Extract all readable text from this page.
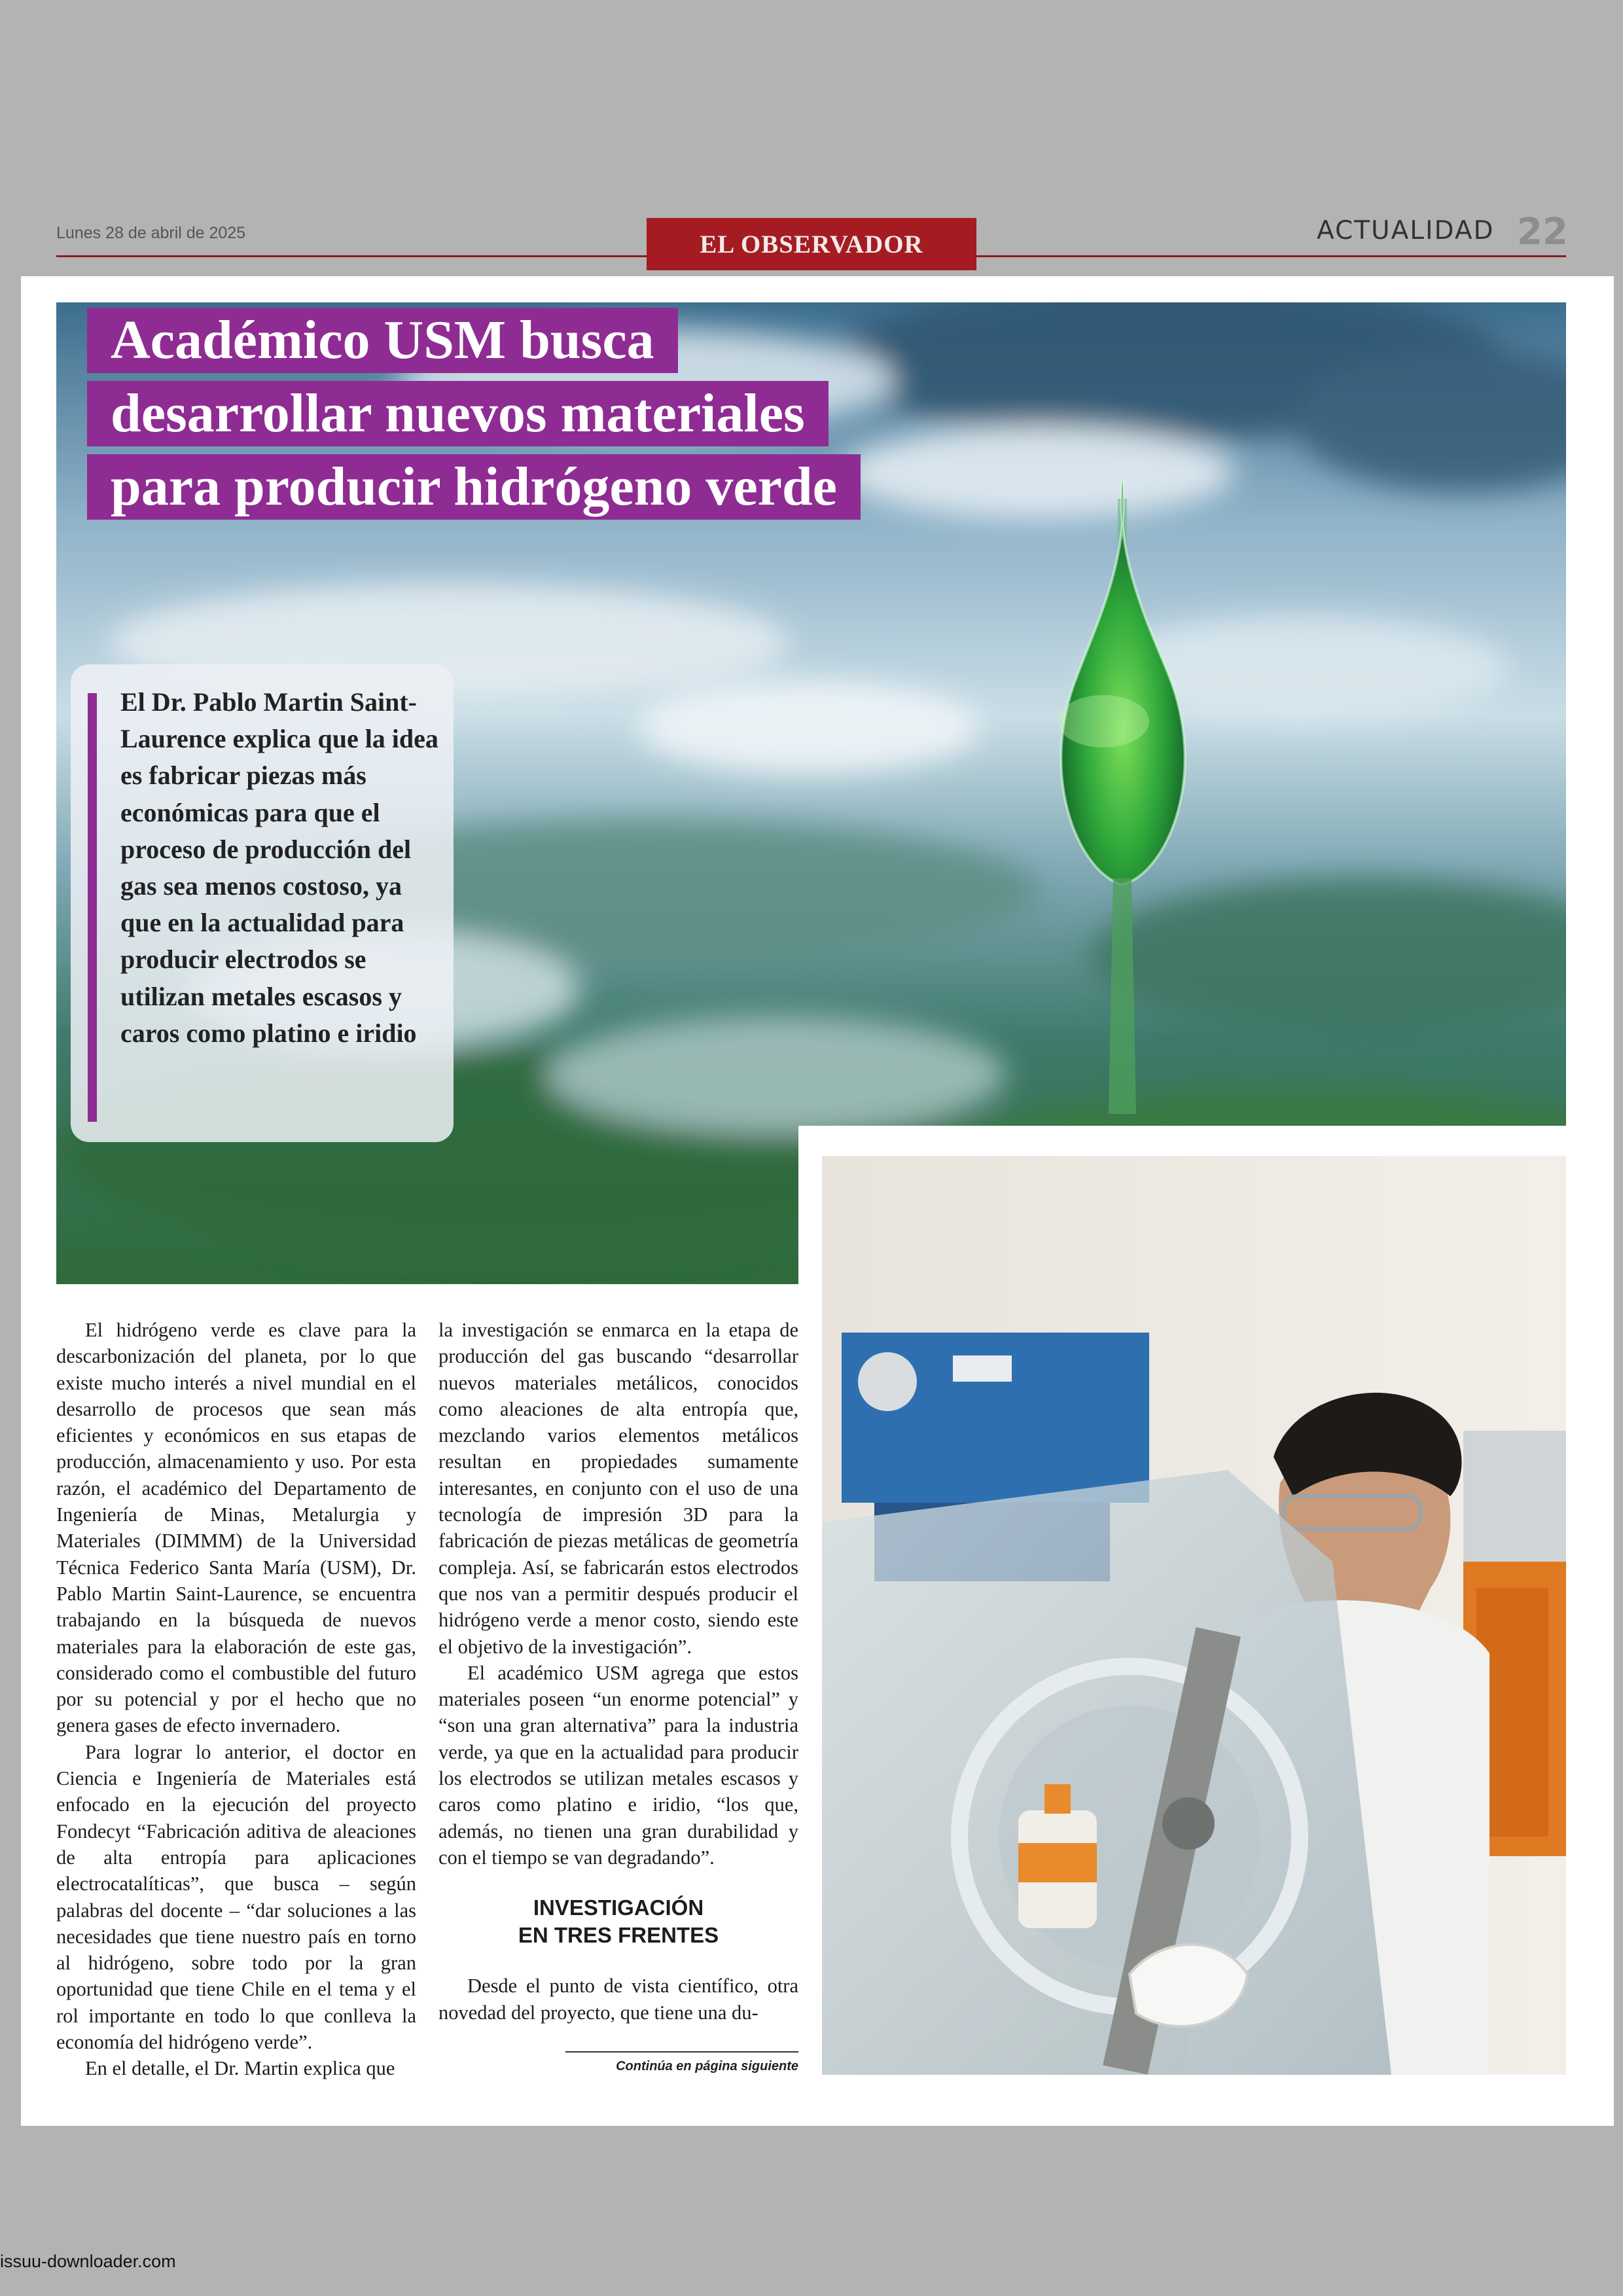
Lunes 28 de abril de 2025	EL OBSERVADOR	ACTUALIDAD 22
Académico USM busca
desarrollar nuevos materiales
para producir hidrógeno verde
El Dr. Pablo Martin Saint-Laurence explica que la idea es fabricar piezas más económicas para que el proceso de producción del gas sea menos costoso, ya que en la actualidad para producir electrodos se utilizan metales escasos y caros como platino e iridio

El hidrógeno verde es clave para la descarbonización del planeta, por lo que existe mucho interés a nivel mundial en el desarrollo de procesos que sean más eficientes y económicos en sus etapas de producción, almacenamiento y uso. Por esta razón, el académico del Departamento de Ingeniería de Minas, Metalurgia y Materiales (DIMMM) de la Universidad Técnica Federico Santa María (USM), Dr. Pablo Martin Saint-Laurence, se encuentra trabajando en la búsqueda de nuevos materiales para la elaboración de este gas, considerado como el combustible del futuro por su potencial y por el hecho que no genera gases de efecto invernadero.

Para lograr lo anterior, el doctor en Ciencia e Ingeniería de Materiales está enfocado en la ejecución del proyecto Fondecyt “Fabricación aditiva de aleaciones de alta entropía para aplicaciones electrocatalíticas”, que busca – según palabras del docente – “dar soluciones a las necesidades que tiene nuestro país en torno al hidrógeno, sobre todo por la gran oportunidad que tiene Chile en el tema y el rol importante en todo lo que conlleva la economía del hidrógeno verde”.

En el detalle, el Dr. Martin explica que

la investigación se enmarca en la etapa de producción del gas buscando “desarrollar nuevos materiales metálicos, conocidos como aleaciones de alta entropía que, mezclando varios elementos metálicos resultan en propiedades sumamente interesantes, en conjunto con el uso de una tecnología de impresión 3D para la fabricación de piezas metálicas de geometría compleja. Así, se fabricarán estos electrodos que nos van a permitir después producir el hidrógeno verde a menor costo, siendo este el objetivo de la investigación”.

El académico USM agrega que estos materiales poseen “un enorme potencial” y “son una gran alternativa” para la industria verde, ya que en la actualidad para producir los electrodos se utilizan metales escasos y caros como platino e iridio, “los que, además, no tienen una gran durabilidad y con el tiempo se van degradando”.

INVESTIGACIÓN
EN TRES FRENTES

Desde el punto de vista científico, otra novedad del proyecto, que tiene una du-

Continúa en página siguiente
issuu-downloader.com
